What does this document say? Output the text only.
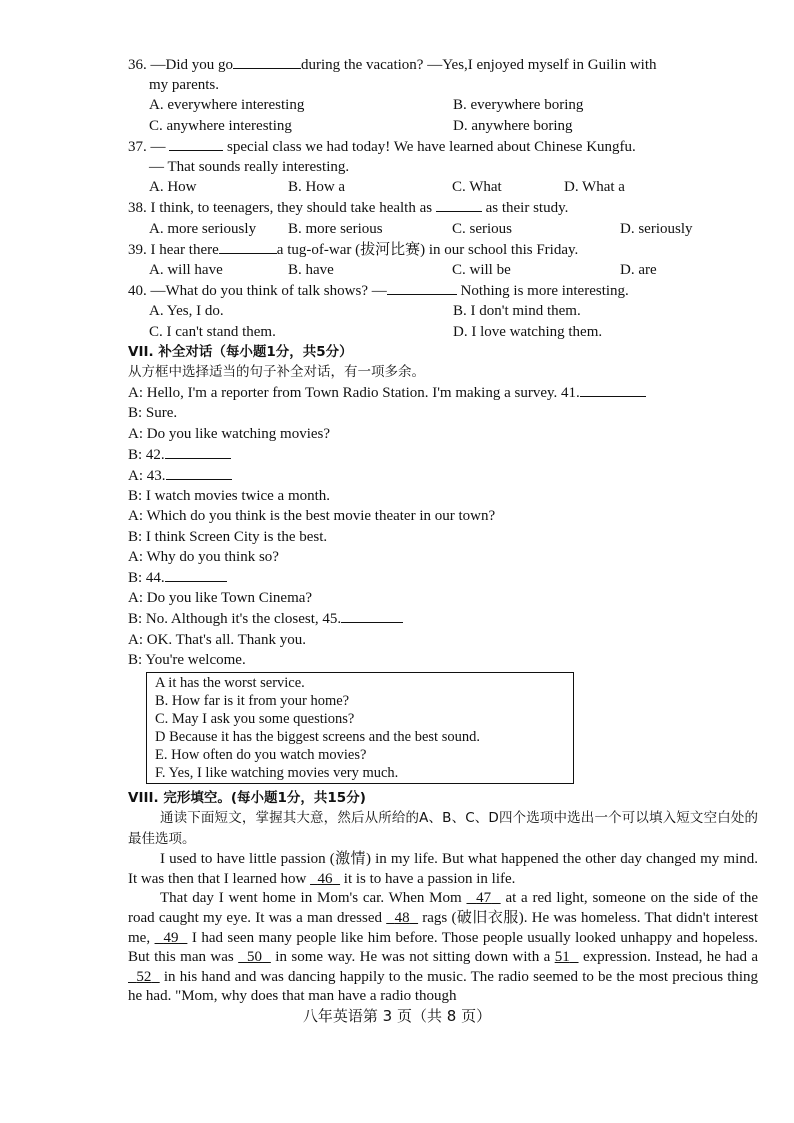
36. —Did you go	during the vacation? —Yes,I enjoyed myself in Guilin with
my parents.
A. everywhere interesting	B. everywhere boring
C. anywhere interesting	D. anywhere boring
37. —	special class we had today! We have learned about Chinese Kungfu.
— That sounds really interesting.
A. How	B. How a	C. What	D. What a
38. I think, to teenagers, they should take health as	as their study.
A. more seriously	B. more serious	C. serious	D. seriously
39. I hear there	a tug-of-war (拔河比赛) in our school this Friday.
A. will have	B. have	C. will be	D. are
40. —What do you think of talk shows? —	Nothing is more interesting.
A. Yes, I do.	B. I don't mind them.
C. I can't stand them.	D. I love watching them.
VII. 补全对话（每小题1分，共5分）
从方框中选择适当的句子补全对话，有一项多余。
A: Hello, I'm a reporter from Town Radio Station. I'm making a survey. 41.
B: Sure.
A: Do you like watching movies?
B: 42.
A: 43.
B: I watch movies twice a month.
A: Which do you think is the best movie theater in our town?
B: I think Screen City is the best.
A: Why do you think so?
B: 44.
A: Do you like Town Cinema?
B: No. Although it's the closest, 45.
A: OK. That's all. Thank you.
B: You're welcome.
A it has the worst service.
B. How far is it from your home?
C. May I ask you some questions?
D Because it has the biggest screens and the best sound.
E. How often do you watch movies?
F. Yes, I like watching movies very much.
VIII. 完形填空。(每小题1分，共15分)
通读下面短文，掌握其大意，然后从所给的A、B、C、D四个选项中选出一个可以填入短文空白处的最佳选项。
I used to have little passion (激情) in my life. But what happened the other day changed my mind. It was then that I learned how 46 it is to have a passion in life.
That day I went home in Mom's car. When Mom 47 at a red light, someone on the side of the road caught my eye. It was a man dressed 48 rags (破旧衣服). He was homeless. That didn't interest me, 49 I had seen many people like him before. Those people usually looked unhappy and hopeless. But this man was 50 in some way. He was not sitting down with a 51 expression. Instead, he had a   52 in his hand and was dancing happily to the music. The radio seemed to be the most precious thing he had. "Mom, why does that man have a radio though
八年英语第 3 页（共 8 页）
